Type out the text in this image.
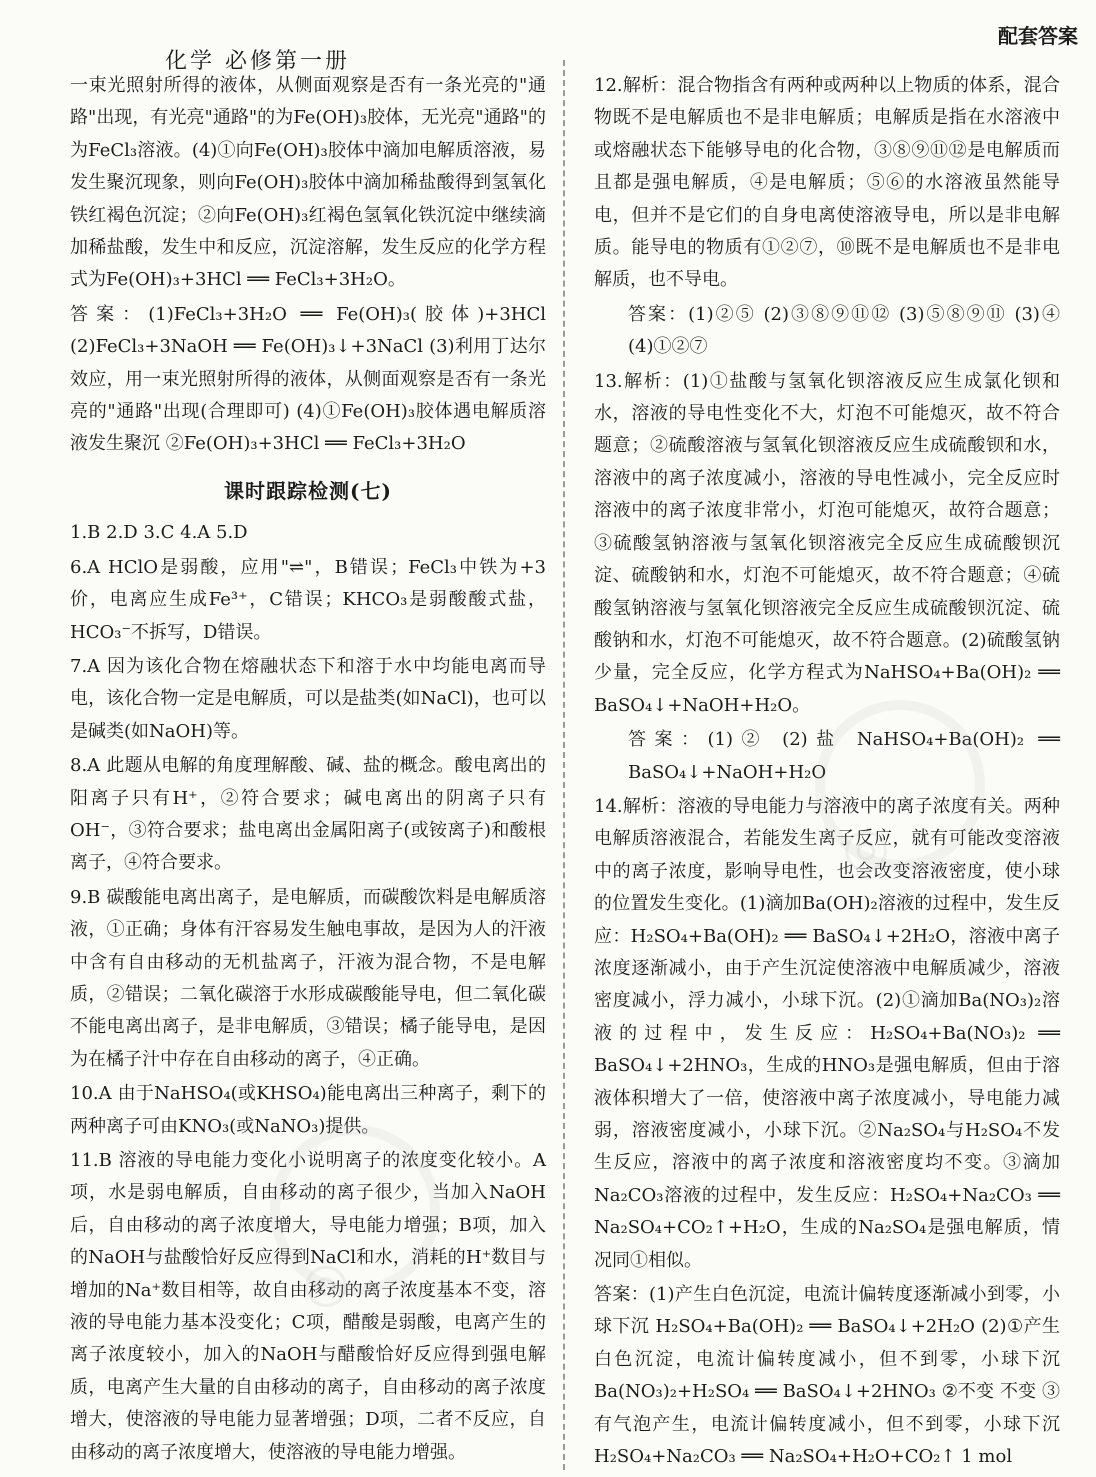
化学 必修第一册
配套答案
一束光照射所得的液体，从侧面观察是否有一条光亮的"通路"出现，有光亮"通路"的为Fe(OH)₃胶体，无光亮"通路"的为FeCl₃溶液。(4)①向Fe(OH)₃胶体中滴加电解质溶液，易发生聚沉现象，则向Fe(OH)₃胶体中滴加稀盐酸得到氢氧化铁红褐色沉淀；②向Fe(OH)₃红褐色氢氧化铁沉淀中继续滴加稀盐酸，发生中和反应，沉淀溶解，发生反应的化学方程式为Fe(OH)₃+3HCl ══ FeCl₃+3H₂O。
答案：(1)FeCl₃+3H₂O ══ Fe(OH)₃(胶体)+3HCl (2)FeCl₃+3NaOH ══ Fe(OH)₃↓+3NaCl (3)利用丁达尔效应，用一束光照射所得的液体，从侧面观察是否有一条光亮的"通路"出现(合理即可) (4)①Fe(OH)₃胶体遇电解质溶液发生聚沉 ②Fe(OH)₃+3HCl ══ FeCl₃+3H₂O
课时跟踪检测(七)
1.B 2.D 3.C 4.A 5.D
6.A HClO是弱酸，应用"⇌"，B错误；FeCl₃中铁为+3价，电离应生成Fe³⁺，C错误；KHCO₃是弱酸酸式盐，HCO₃⁻不拆写，D错误。
7.A 因为该化合物在熔融状态下和溶于水中均能电离而导电，该化合物一定是电解质，可以是盐类(如NaCl)，也可以是碱类(如NaOH)等。
8.A 此题从电解的角度理解酸、碱、盐的概念。酸电离出的阳离子只有H⁺，②符合要求；碱电离出的阴离子只有OH⁻，③符合要求；盐电离出金属阳离子(或铵离子)和酸根离子，④符合要求。
9.B 碳酸能电离出离子，是电解质，而碳酸饮料是电解质溶液，①正确；身体有汗容易发生触电事故，是因为人的汗液中含有自由移动的无机盐离子，汗液为混合物，不是电解质，②错误；二氧化碳溶于水形成碳酸能导电，但二氧化碳不能电离出离子，是非电解质，③错误；橘子能导电，是因为在橘子汁中存在自由移动的离子，④正确。
10.A 由于NaHSO₄(或KHSO₄)能电离出三种离子，剩下的两种离子可由KNO₃(或NaNO₃)提供。
11.B 溶液的导电能力变化小说明离子的浓度变化较小。A项，水是弱电解质，自由移动的离子很少，当加入NaOH后，自由移动的离子浓度增大，导电能力增强；B项，加入的NaOH与盐酸恰好反应得到NaCl和水，消耗的H⁺数目与增加的Na⁺数目相等，故自由移动的离子浓度基本不变，溶液的导电能力基本没变化；C项，醋酸是弱酸，电离产生的离子浓度较小，加入的NaOH与醋酸恰好反应得到强电解质，电离产生大量的自由移动的离子，自由移动的离子浓度增大，使溶液的导电能力显著增强；D项，二者不反应，自由移动的离子浓度增大，使溶液的导电能力增强。
12.解析：混合物指含有两种或两种以上物质的体系，混合物既不是电解质也不是非电解质；电解质是指在水溶液中或熔融状态下能够导电的化合物，③⑧⑨⑪⑫是电解质而且都是强电解质，④是电解质；⑤⑥的水溶液虽然能导电，但并不是它们的自身电离使溶液导电，所以是非电解质。能导电的物质有①②⑦，⑩既不是电解质也不是非电解质，也不导电。
答案：(1)②⑤ (2)③⑧⑨⑪⑫ (3)⑤⑧⑨⑪ (3)④ (4)①②⑦
13.解析：(1)①盐酸与氢氧化钡溶液反应生成氯化钡和水，溶液的导电性变化不大，灯泡不可能熄灭，故不符合题意；②硫酸溶液与氢氧化钡溶液反应生成硫酸钡和水，溶液中的离子浓度减小，溶液的导电性减小，完全反应时溶液中的离子浓度非常小，灯泡可能熄灭，故符合题意；③硫酸氢钠溶液与氢氧化钡溶液完全反应生成硫酸钡沉淀、硫酸钠和水，灯泡不可能熄灭，故不符合题意；④硫酸氢钠溶液与氢氧化钡溶液完全反应生成硫酸钡沉淀、硫酸钠和水，灯泡不可能熄灭，故不符合题意。(2)硫酸氢钠少量，完全反应，化学方程式为NaHSO₄+Ba(OH)₂ ══ BaSO₄↓+NaOH+H₂O。
答案：(1)② (2)盐 NaHSO₄+Ba(OH)₂ ══ BaSO₄↓+NaOH+H₂O
14.解析：溶液的导电能力与溶液中的离子浓度有关。两种电解质溶液混合，若能发生离子反应，就有可能改变溶液中的离子浓度，影响导电性，也会改变溶液密度，使小球的位置发生变化。(1)滴加Ba(OH)₂溶液的过程中，发生反应：H₂SO₄+Ba(OH)₂ ══ BaSO₄↓+2H₂O，溶液中离子浓度逐渐减小，由于产生沉淀使溶液中电解质减少，溶液密度减小，浮力减小，小球下沉。(2)①滴加Ba(NO₃)₂溶液的过程中，发生反应：H₂SO₄+Ba(NO₃)₂ ══ BaSO₄↓+2HNO₃，生成的HNO₃是强电解质，但由于溶液体积增大了一倍，使溶液中离子浓度减小，导电能力减弱，溶液密度减小，小球下沉。②Na₂SO₄与H₂SO₄不发生反应，溶液中的离子浓度和溶液密度均不变。③滴加Na₂CO₃溶液的过程中，发生反应：H₂SO₄+Na₂CO₃ ══ Na₂SO₄+CO₂↑+H₂O，生成的Na₂SO₄是强电解质，情况同①相似。
答案：(1)产生白色沉淀，电流计偏转度逐渐减小到零，小球下沉 H₂SO₄+Ba(OH)₂ ══ BaSO₄↓+2H₂O (2)①产生白色沉淀，电流计偏转度减小，但不到零，小球下沉 Ba(NO₃)₂+H₂SO₄ ══ BaSO₄↓+2HNO₃ ②不变 不变 ③有气泡产生，电流计偏转度减小，但不到零，小球下沉 H₂SO₄+Na₂CO₃ ══ Na₂SO₄+H₂O+CO₂↑ 1 mol
◎
◎
